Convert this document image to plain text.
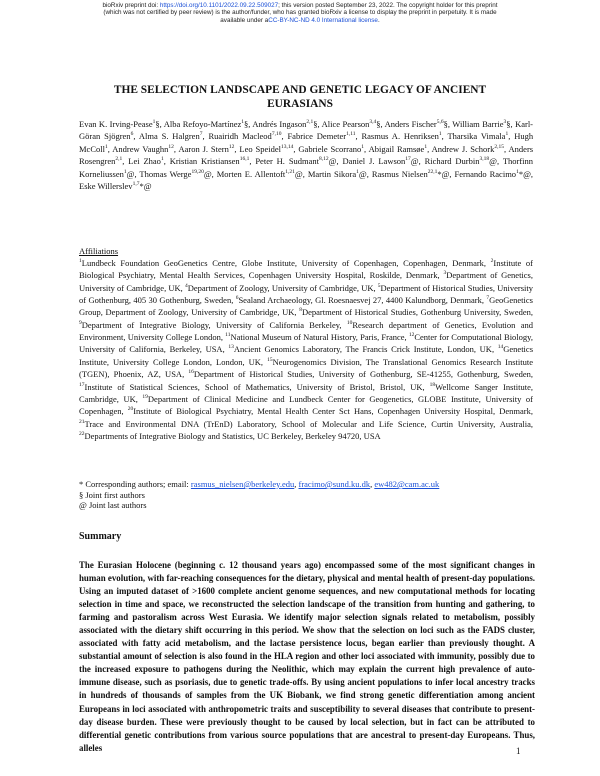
bioRxiv preprint doi: https://doi.org/10.1101/2022.09.22.509027; this version posted September 23, 2022. The copyright holder for this preprint
(which was not certified by peer review) is the author/funder, who has granted bioRxiv a license to display the preprint in perpetuity. It is made
available under aCC-BY-NC-ND 4.0 International license.
THE SELECTION LANDSCAPE AND GENETIC LEGACY OF ANCIENT
EURASIANS
Evan K. Irving-Pease$^1$§, Alba Refoyo-Martínez$^1$§, Andrés Ingason$^{2,1}$§, Alice Pearson$^{3,4}$§, Anders Fischer$^{5,6}$§, William Barrie$^3$§, Karl-Göran Sjögren$^6$, Alma S. Halgren$^7$, Ruairidh Macleod$^{7,10}$, Fabrice Demeter$^{1,11}$, Rasmus A. Henriksen$^1$, Tharsika Vimala$^1$, Hugh McColl$^1$, Andrew Vaughn$^{12}$, Aaron J. Stern$^{12}$, Leo Speidel$^{13,14}$, Gabriele Scorrano$^1$, Abigail Ramsøe$^1$, Andrew J. Schork$^{2,15}$, Anders Rosengren$^{2,1}$, Lei Zhao$^1$, Kristian Kristiansen$^{16,1}$, Peter H. Sudmant$^{8,12}$@, Daniel J. Lawson$^{17}$@, Richard Durbin$^{3,18}$@, Thorfinn Korneliussen$^1$@, Thomas Werge$^{19,20}$@, Morten E. Allentoft$^{1,21}$@, Martin Sikora$^1$@, Rasmus Nielsen$^{22,1}$*@, Fernando Racimo$^1$*@, Eske Willerslev$^{1,7}$*@
Affiliations
$^1$Lundbeck Foundation GeoGenetics Centre, Globe Institute, University of Copenhagen, Copenhagen, Denmark, $^2$Institute of Biological Psychiatry, Mental Health Services, Copenhagen University Hospital, Roskilde, Denmark, $^3$Department of Genetics, University of Cambridge, UK, $^4$Department of Zoology, University of Cambridge, UK, $^5$Department of Historical Studies, University of Gothenburg, 405 30 Gothenburg, Sweden, $^6$Sealand Archaeology, Gl. Roesnaesvej 27, 4400 Kalundborg, Denmark, $^7$GeoGenetics Group, Department of Zoology, University of Cambridge, UK, $^8$Department of Historical Studies, Gothenburg University, Sweden, $^9$Department of Integrative Biology, University of California Berkeley, $^{10}$Research department of Genetics, Evolution and Environment, University College London, $^{11}$National Museum of Natural History, Paris, France, $^{12}$Center for Computational Biology, University of California, Berkeley, USA, $^{13}$Ancient Genomics Laboratory, The Francis Crick Institute, London, UK, $^{14}$Genetics Institute, University College London, London, UK, $^{15}$Neurogenomics Division, The Translational Genomics Research Institute (TGEN), Phoenix, AZ, USA, $^{16}$Department of Historical Studies, University of Gothenburg, SE-41255, Gothenburg, Sweden, $^{17}$Institute of Statistical Sciences, School of Mathematics, University of Bristol, Bristol, UK, $^{18}$Wellcome Sanger Institute, Cambridge, UK, $^{19}$Department of Clinical Medicine and Lundbeck Center for Geogenetics, GLOBE Institute, University of Copenhagen, $^{20}$Institute of Biological Psychiatry, Mental Health Center Sct Hans, Copenhagen University Hospital, Denmark, $^{21}$Trace and Environmental DNA (TrEnD) Laboratory, School of Molecular and Life Science, Curtin University, Australia, $^{22}$Departments of Integrative Biology and Statistics, UC Berkeley, Berkeley 94720, USA
* Corresponding authors; email: rasmus_nielsen@berkeley.edu, fracimo@sund.ku.dk, ew482@cam.ac.uk
§ Joint first authors
@ Joint last authors
Summary
The Eurasian Holocene (beginning c. 12 thousand years ago) encompassed some of the most significant changes in human evolution, with far-reaching consequences for the dietary, physical and mental health of present-day populations. Using an imputed dataset of >1600 complete ancient genome sequences, and new computational methods for locating selection in time and space, we reconstructed the selection landscape of the transition from hunting and gathering, to farming and pastoralism across West Eurasia. We identify major selection signals related to metabolism, possibly associated with the dietary shift occurring in this period. We show that the selection on loci such as the FADS cluster, associated with fatty acid metabolism, and the lactase persistence locus, began earlier than previously thought. A substantial amount of selection is also found in the HLA region and other loci associated with immunity, possibly due to the increased exposure to pathogens during the Neolithic, which may explain the current high prevalence of auto-immune disease, such as psoriasis, due to genetic trade-offs. By using ancient populations to infer local ancestry tracks in hundreds of thousands of samples from the UK Biobank, we find strong genetic differentiation among ancient Europeans in loci associated with anthropometric traits and susceptibility to several diseases that contribute to present-day disease burden. These were previously thought to be caused by local selection, but in fact can be attributed to differential genetic contributions from various source populations that are ancestral to present-day Europeans. Thus, alleles	1
